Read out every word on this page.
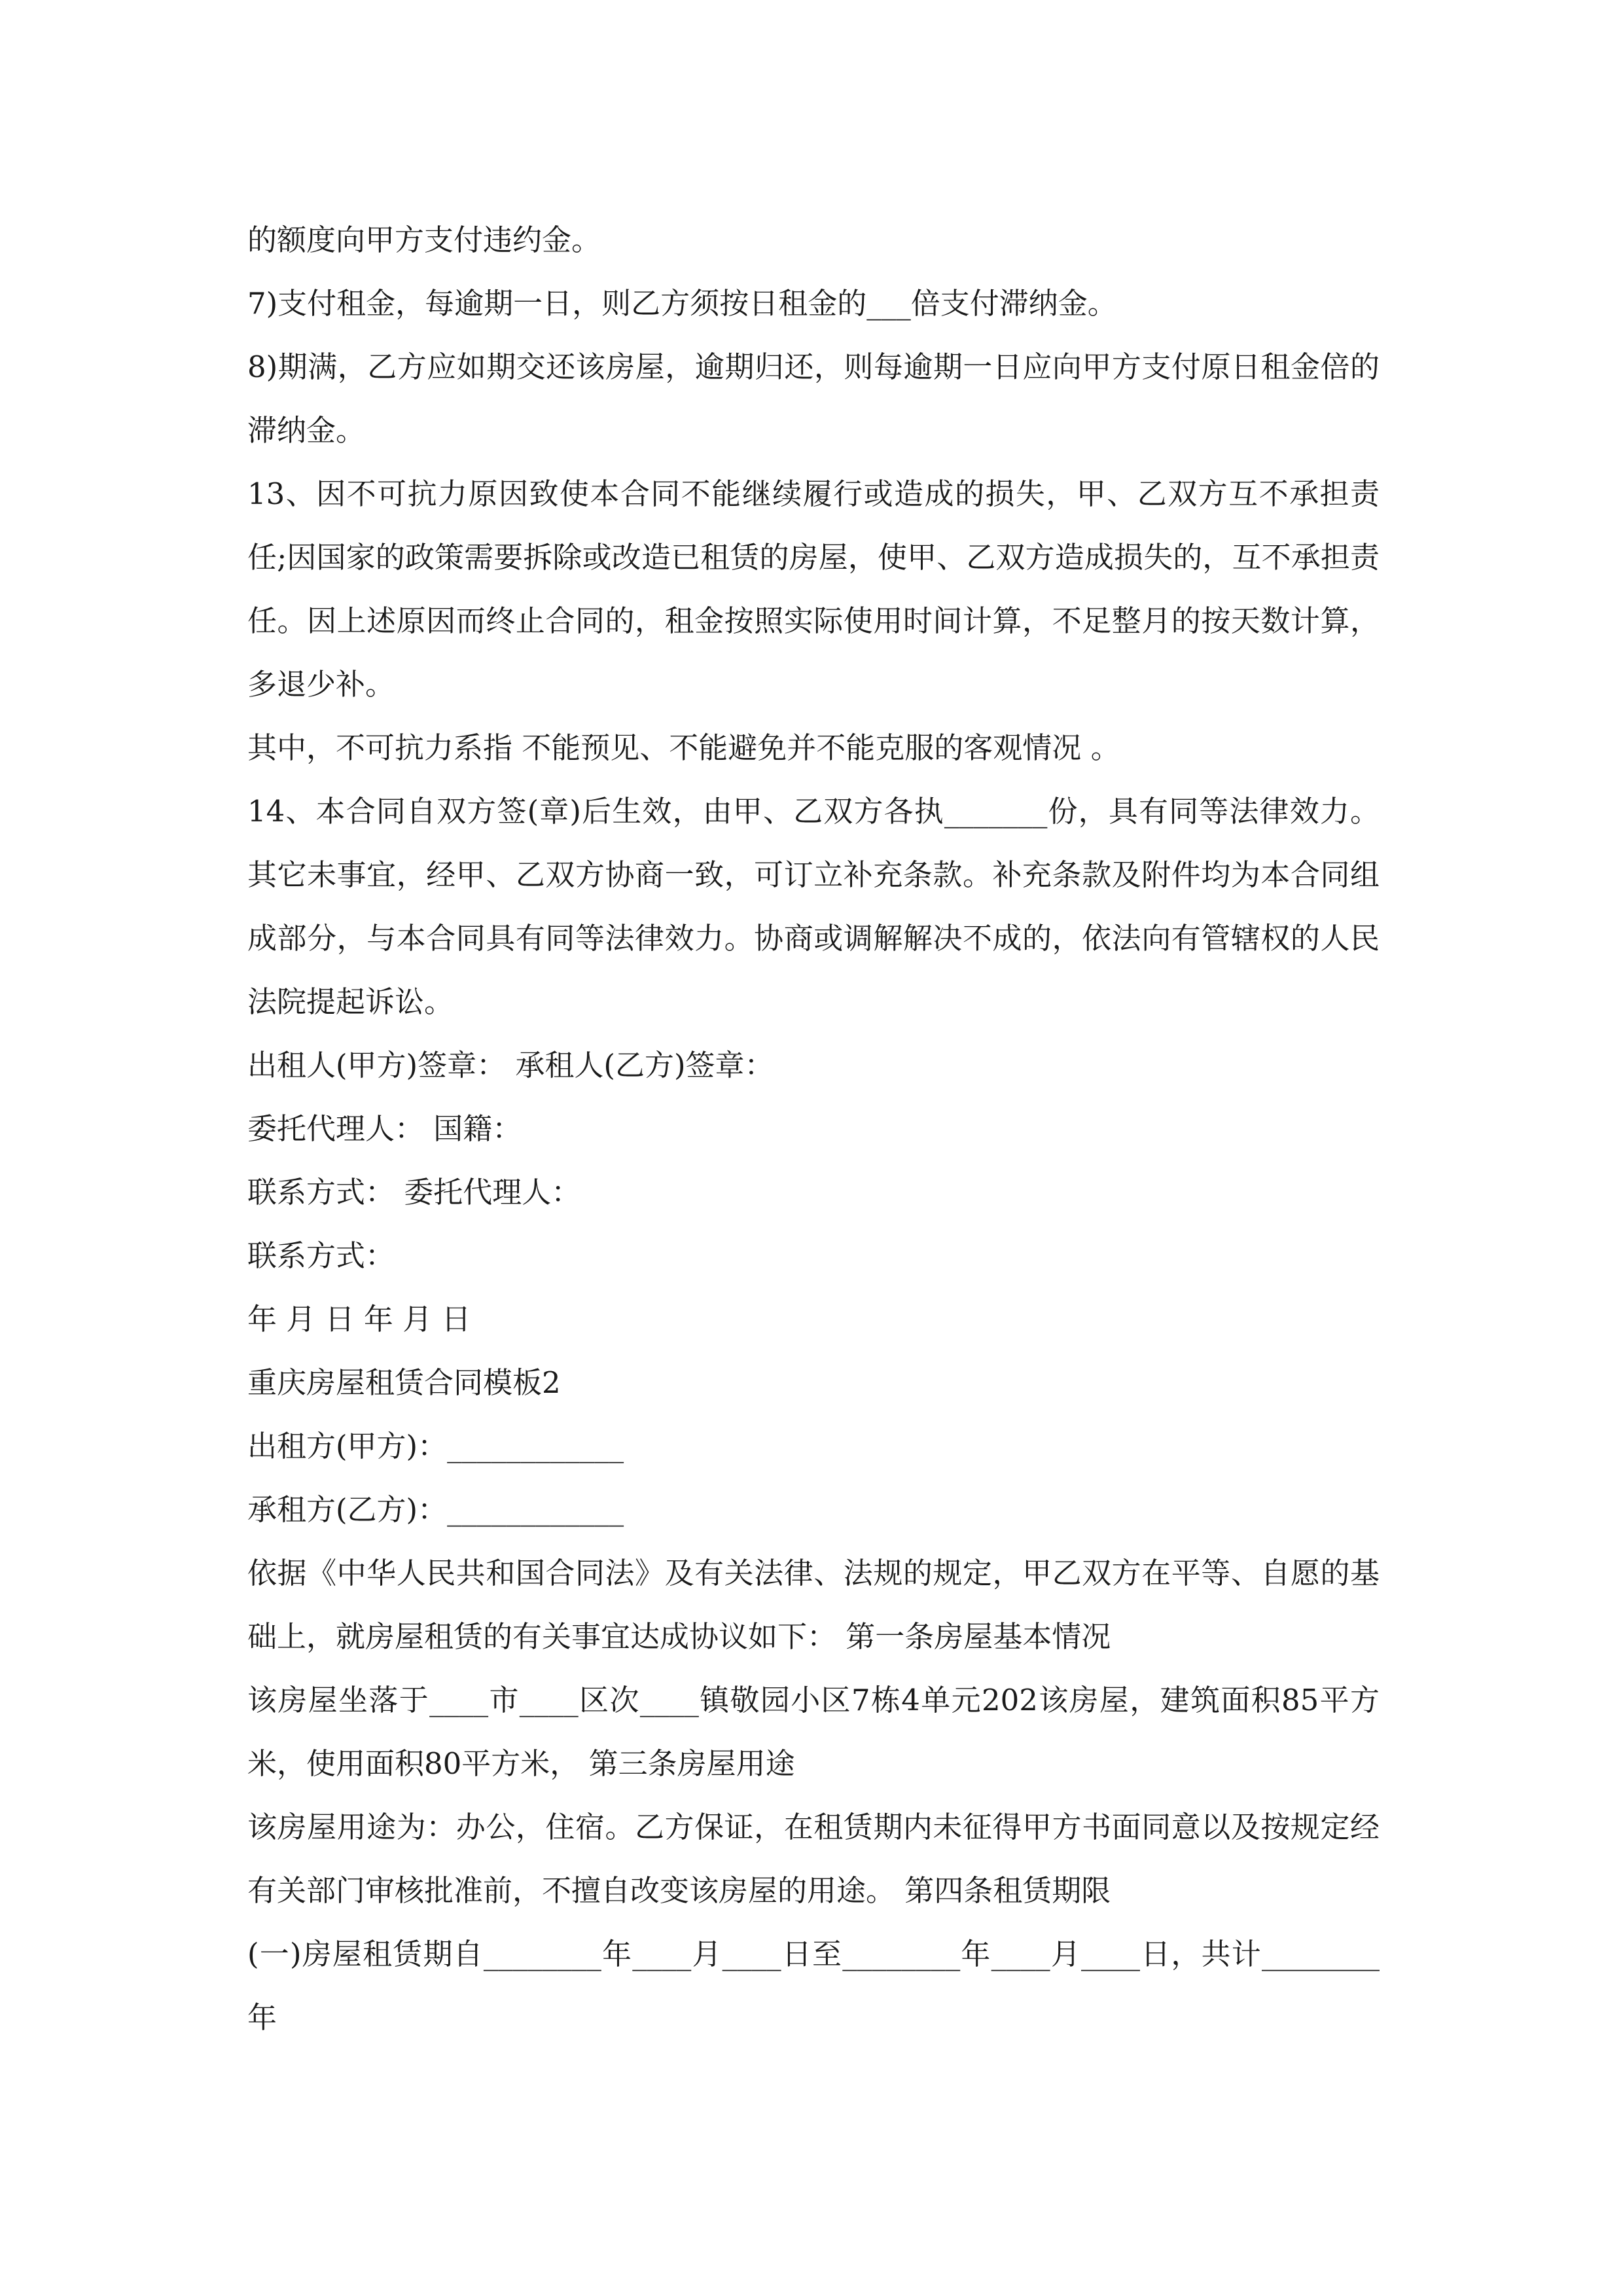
的额度向甲方支付违约金。

7)支付租金，每逾期一日，则乙方须按日租金的___倍支付滞纳金。

8)期满，乙方应如期交还该房屋，逾期归还，则每逾期一日应向甲方支付原日租金倍的滞纳金。

13、因不可抗力原因致使本合同不能继续履行或造成的损失，甲、乙双方互不承担责任;因国家的政策需要拆除或改造已租赁的房屋，使甲、乙双方造成损失的，互不承担责任。因上述原因而终止合同的，租金按照实际使用时间计算，不足整月的按天数计算，多退少补。

其中，不可抗力系指 不能预见、不能避免并不能克服的客观情况 。

14、本合同自双方签(章)后生效，由甲、乙双方各执_______份，具有同等法律效力。其它未事宜，经甲、乙双方协商一致，可订立补充条款。补充条款及附件均为本合同组成部分，与本合同具有同等法律效力。协商或调解解决不成的，依法向有管辖权的人民法院提起诉讼。

出租人(甲方)签章： 承租人(乙方)签章：

委托代理人： 国籍：

联系方式： 委托代理人：

联系方式：

年 月 日 年 月 日

重庆房屋租赁合同模板2

出租方(甲方)：____________

承租方(乙方)：____________

依据《中华人民共和国合同法》及有关法律、法规的规定，甲乙双方在平等、自愿的基础上，就房屋租赁的有关事宜达成协议如下： 第一条房屋基本情况

该房屋坐落于____市____区次____镇敬园小区7栋4单元202该房屋，建筑面积85平方米，使用面积80平方米， 第三条房屋用途

该房屋用途为：办公，住宿。乙方保证，在租赁期内未征得甲方书面同意以及按规定经有关部门审核批准前，不擅自改变该房屋的用途。 第四条租赁期限

(一)房屋租赁期自________年____月____日至________年____月____日，共计________年
